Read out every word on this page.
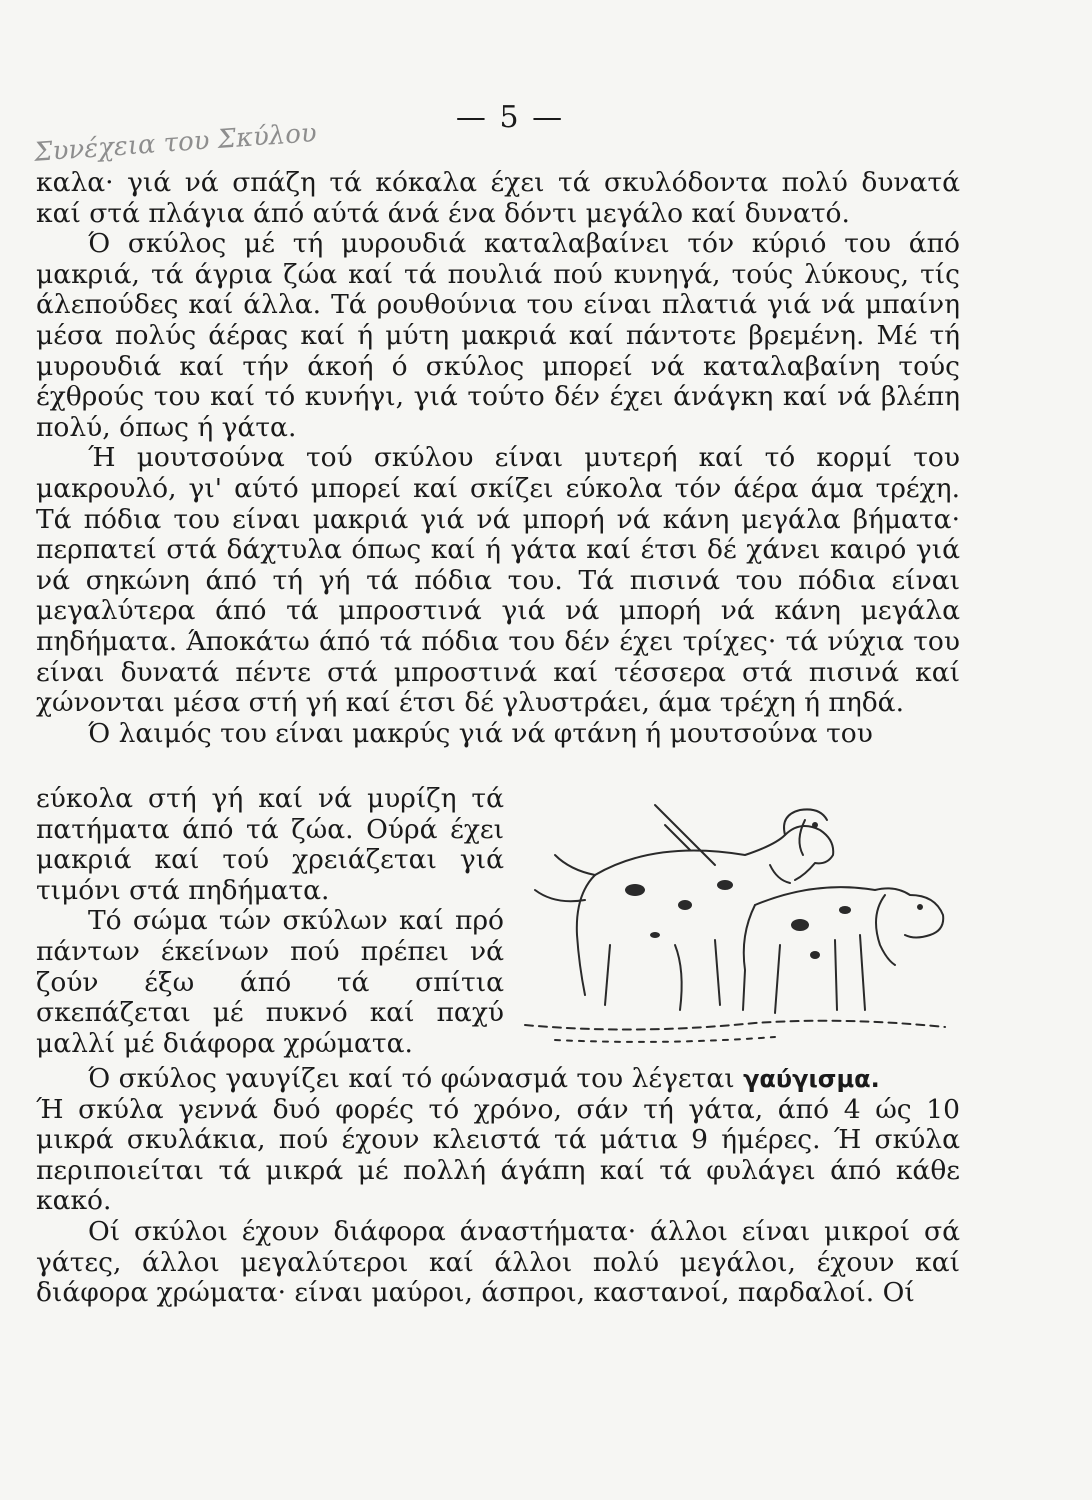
— 5 —
Συνέχεια του Σκύλου

καλα· γιά νά σπάζη τά κόκαλα έχει τά σκυλόδοντα πολύ δυνατά καί στά πλάγια άπό αύτά άνά ένα δόντι μεγάλο καί δυνατό.

Ό σκύλος μέ τή μυρουδιά καταλαβαίνει τόν κύριό του άπό μακριά, τά άγρια ζώα καί τά πουλιά πού κυνηγά, τούς λύκους, τίς άλεπούδες καί άλλα. Τά ρουθούνια του είναι πλατιά γιά νά μπαίνη μέσα πολύς άέρας καί ή μύτη μακριά καί πάντοτε βρεμένη. Μέ τή μυρουδιά καί τήν άκοή ό σκύλος μπορεί νά καταλαβαίνη τούς έχθρούς του καί τό κυνήγι, γιά τούτο δέν έχει άνάγκη καί νά βλέπη πολύ, όπως ή γάτα.

Ή μουτσούνα τού σκύλου είναι μυτερή καί τό κορμί του μακρουλό, γι' αύτό μπορεί καί σκίζει εύκολα τόν άέρα άμα τρέχη. Τά πόδια του είναι μακριά γιά νά μπορή νά κάνη μεγάλα βήματα· περπατεί στά δάχτυλα όπως καί ή γάτα καί έτσι δέ χάνει καιρό γιά νά σηκώνη άπό τή γή τά πόδια του. Τά πισινά του πόδια είναι μεγαλύτερα άπό τά μπροστινά γιά νά μπορή νά κάνη μεγάλα πηδήματα. Άποκάτω άπό τά πόδια του δέν έχει τρίχες· τά νύχια του είναι δυνατά πέντε στά μπροστινά καί τέσσερα στά πισινά καί χώνονται μέσα στή γή καί έτσι δέ γλυστράει, άμα τρέχη ή πηδά.

Ό λαιμός του είναι μακρύς γιά νά φτάνη ή μουτσούνα του

εύκολα στή γή καί νά μυρίζη τά πατήματα άπό τά ζώα. Ούρά έχει μακριά καί τού χρειάζεται γιά τιμόνι στά πηδήματα.

Τό σώμα τών σκύλων καί πρό πάντων έκείνων πού πρέπει νά ζούν έξω άπό τά σπίτια σκεπάζεται μέ πυκνό καί παχύ μαλλί μέ διάφορα χρώματα.

Ό σκύλος γαυγίζει καί τό φώνασμά του λέγεται γαύγισμα.

Ή σκύλα γεννά δυό φορές τό χρόνο, σάν τή γάτα, άπό 4 ώς 10 μικρά σκυλάκια, πού έχουν κλειστά τά μάτια 9 ήμέρες. Ή σκύλα περιποιείται τά μικρά μέ πολλή άγάπη καί τά φυλάγει άπό κάθε κακό.

Οί σκύλοι έχουν διάφορα άναστήματα· άλλοι είναι μικροί σά γάτες, άλλοι μεγαλύτεροι καί άλλοι πολύ μεγάλοι, έχουν καί διάφορα χρώματα· είναι μαύροι, άσπροι, καστανοί, παρδαλοί. Οί
